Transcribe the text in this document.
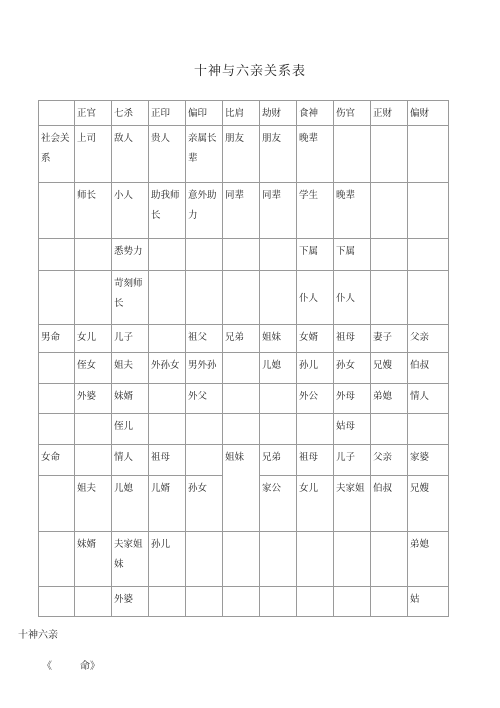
十神与六亲关系表
	正官	七杀	正印	偏印	比肩	劫财	食神	伤官	正财	偏财
社会关系	上司	敌人	贵人	亲属长辈	朋友	朋友	晚辈			
	师长	小人	助我师长	意外助力	同辈	同辈	学生	晚辈		
		悉势力					下属	下属		
		苛刻师长					仆人	仆人		
男命	女儿	儿子		祖父	兄弟	姐妹	女婿	祖母	妻子	父亲
	侄女	姐夫	外孙女	男外孙		儿媳	孙儿	孙女	兄嫂	伯叔
	外婆	妹婿		外父			外公	外母	弟媳	情人
		侄儿						姑母		
女命		情人	祖母		姐妹	兄弟	祖母	儿子	父亲	家婆
	姐夫	儿媳	儿婿	孙女		家公	女儿	夫家姐	伯叔	兄嫂
	妹婿	夫家姐妹	孙儿							弟媳
		外婆								姑
十神六亲
《	命》
